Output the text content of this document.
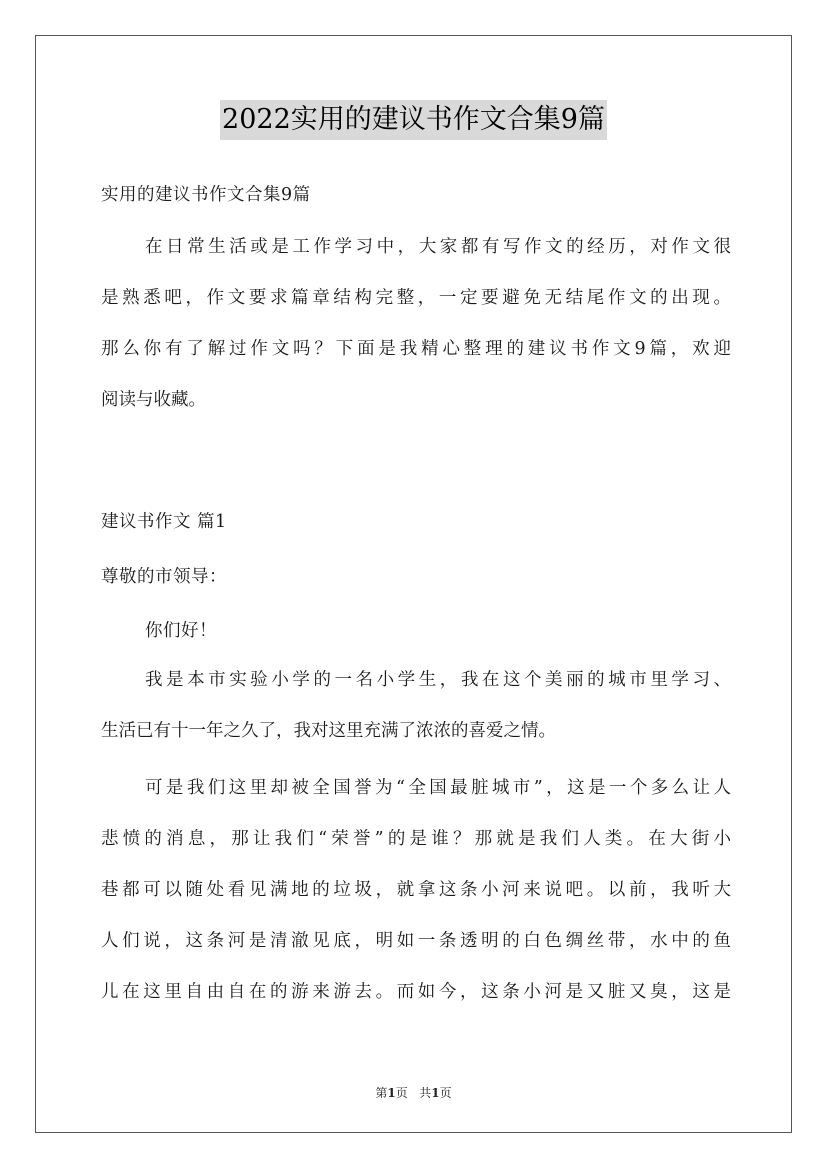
2022实用的建议书作文合集9篇
实用的建议书作文合集9篇
在日常生活或是工作学习中，大家都有写作文的经历，对作文很
是熟悉吧，作文要求篇章结构完整，一定要避免无结尾作文的出现。
那么你有了解过作文吗？下面是我精心整理的建议书作文9篇，欢迎
阅读与收藏。
建议书作文 篇1
尊敬的市领导：
你们好！
我是本市实验小学的一名小学生，我在这个美丽的城市里学习、
生活已有十一年之久了，我对这里充满了浓浓的喜爱之情。
可是我们这里却被全国誉为“全国最脏城市”，这是一个多么让人
悲愤的消息，那让我们“荣誉”的是谁？那就是我们人类。在大街小
巷都可以随处看见满地的垃圾，就拿这条小河来说吧。以前，我听大
人们说，这条河是清澈见底，明如一条透明的白色绸丝带，水中的鱼
儿在这里自由自在的游来游去。而如今，这条小河是又脏又臭，这是
第1页 共1页
